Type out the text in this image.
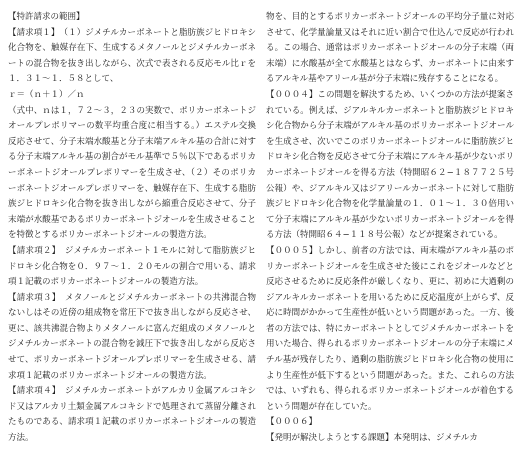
【特許請求の範囲】

【請求項１】　（１）ジメチルカーボネートと脂肪族ジヒドロキシ化合物を、触媒存在下、生成するメタノールとジメチルカーボネートの混合物を抜き出しながら、次式で表される反応モル比ｒを１．３１〜１．５８として、

ｒ＝（ｎ＋１）／ｎ

（式中、ｎは１，７２〜３，２３の実数で、ポリカーボネートジオールプレポリマーの数平均重合度に相当する。）エステル交換反応させて、分子末端水酸基と分子末端アルキル基の合計に対する分子末端アルキル基の割合がモル基準で５％以下であるポリカーボネートジオールプレポリマーを生成させ、（２）そのポリカーボネートジオールプレポリマーを、触媒存在下、生成する脂肪族ジヒドロキシ化合物を抜き出しながら縮重合反応させて、分子末端が水酸基であるポリカーボネートジオールを生成させることを特徴とするポリカーボネートジオールの製造方法。

【請求項２】　ジメチルカーボネート１モルに対して脂肪族ジヒドロキシ化合物を０．９７〜１．２０モルの割合で用いる、請求項１記載のポリカーボネートジオールの製造方法。

【請求項３】　メタノールとジメチルカーボネートの共沸混合物ないしはその近傍の組成物を常圧下で抜き出しながら反応させ、更に、該共沸混合物よりメタノールに富んだ組成のメタノールとジメチルカーボネートの混合物を減圧下で抜き出しながら反応させて、ポリカーボネートジオールプレポリマーを生成させる、請求項１記載のポリカーボネートジオールの製造方法。

【請求項４】　ジメチルカーボネートがアルカリ金属アルコキシド又はアルカリ土類金属アルコキシドで処理されて蒸留分離されたものである、請求項１記載のポリカーボネートジオールの製造方法。

物を、目的とするポリカーボネートジオールの平均分子量に対応させて、化学量論量又はそれに近い割合で仕込んで反応が行われる。この場合、通常はポリカーボネートジオールの分子末端（両末端）に水酸基が全て水酸基とはならず、カーボネートに由来するアルキル基やアリール基が分子末端に残存することになる。

【０００４】この問題を解決するため、いくつかの方法が提案されている。例えば、ジアルキルカーボネートと脂肪族ジヒドロキシ化合物から分子末端がアルキル基のポリカーボネートジオールを生成させ、次いでこのポリカーボネートジオールに脂肪族ジヒドロキシ化合物を反応させて分子末端にアルキル基が少ないポリカーボネートジオールを得る方法（特開昭６２−１８７７２５号公報）や、ジアルキル又はジアリールカーボネートに対して脂肪族ジヒドロキシ化合物を化学量論量の１．０１〜１．３０倍用いて分子末端にアルキル基が少ないポリカーボネートジオールを得る方法（特開昭６４−１１８号公報）などが提案されている。

【０００５】しかし、前者の方法では、両末端がアルキル基のポリカーボネートジオールを生成させた後にこれをジオールなどと反応させるために反応条件が厳しくなり、更に、初めに大過剰のジアルキルカーボネートを用いるために反応温度が上がらず、反応に時間がかかって生産性が低いという問題があった。一方、後者の方法では、特にカーボネートとしてジメチルカーボネートを用いた場合、得られるポリカーボネートジオールの分子末端にメチル基が残存したり、過剰の脂肪族ジヒドロキシ化合物の使用により生産性が低下するという問題があった。また、これらの方法では、いずれも、得られるポリカーボネートジオールが着色するという問題が存在していた。

【０００６】

【発明が解決しようとする課題】本発明は、ジメチルカ
